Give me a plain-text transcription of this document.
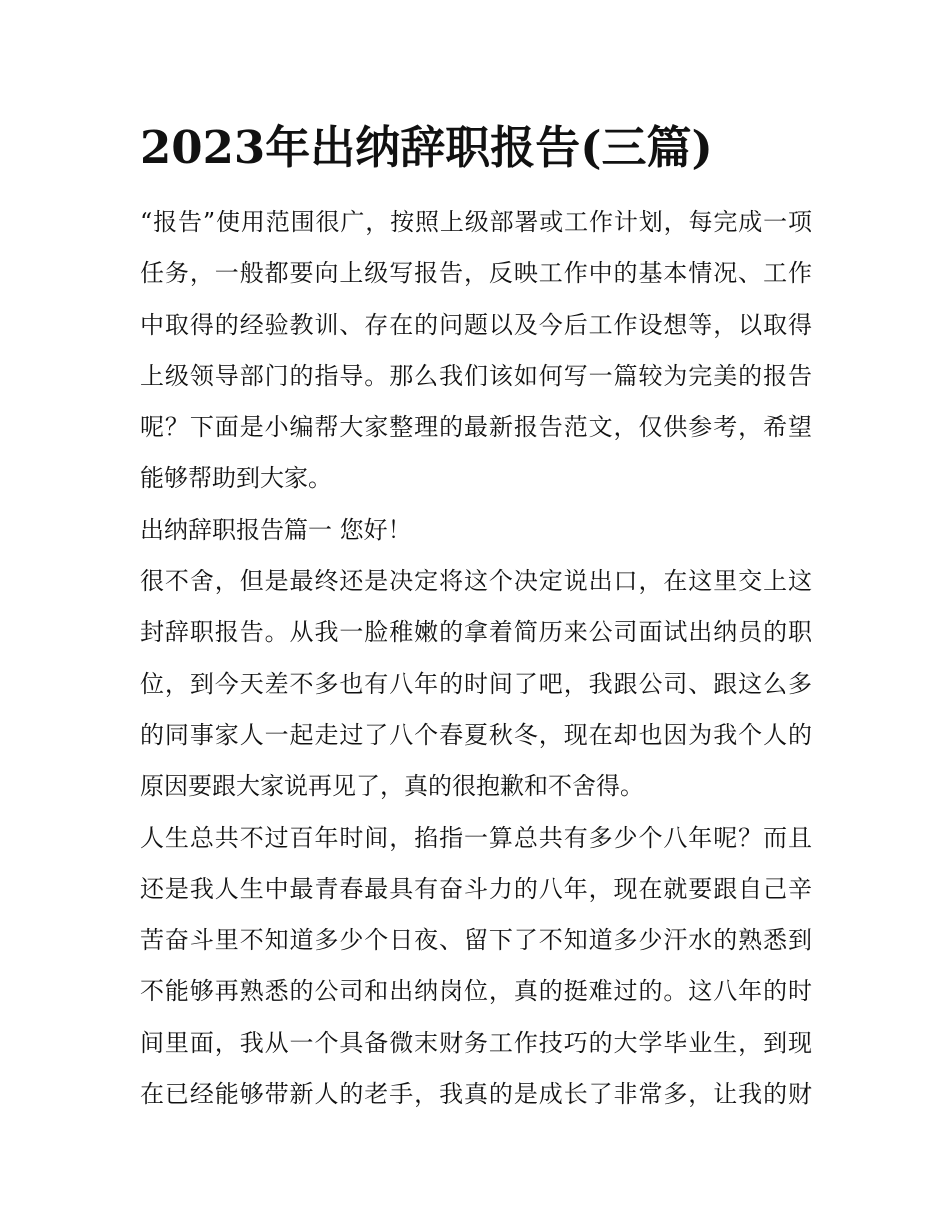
2023年出纳辞职报告(三篇)
“报告”使用范围很广，按照上级部署或工作计划，每完成一项
任务，一般都要向上级写报告，反映工作中的基本情况、工作
中取得的经验教训、存在的问题以及今后工作设想等，以取得
上级领导部门的指导。那么我们该如何写一篇较为完美的报告
呢？下面是小编帮大家整理的最新报告范文，仅供参考，希望
能够帮助到大家。
出纳辞职报告篇一 您好！
很不舍，但是最终还是决定将这个决定说出口，在这里交上这
封辞职报告。从我一脸稚嫩的拿着简历来公司面试出纳员的职
位，到今天差不多也有八年的时间了吧，我跟公司、跟这么多
的同事家人一起走过了八个春夏秋冬，现在却也因为我个人的
原因要跟大家说再见了，真的很抱歉和不舍得。
人生总共不过百年时间，掐指一算总共有多少个八年呢？而且
还是我人生中最青春最具有奋斗力的八年，现在就要跟自己辛
苦奋斗里不知道多少个日夜、留下了不知道多少汗水的熟悉到
不能够再熟悉的公司和出纳岗位，真的挺难过的。这八年的时
间里面，我从一个具备微末财务工作技巧的大学毕业生，到现
在已经能够带新人的老手，我真的是成长了非常多，让我的财
